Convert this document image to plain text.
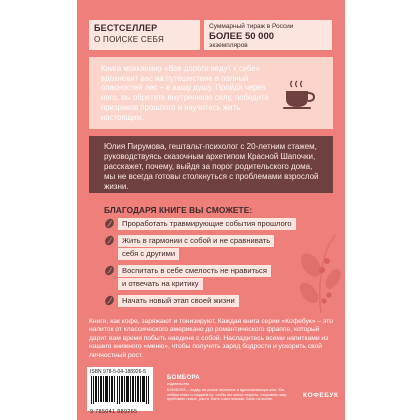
БЕСТСЕЛЛЕР
О ПОИСКЕ СЕБЯ
Суммарный тираж в России
БОЛЕЕ 50 000
экземпляров
Книга мокканино «Все дороги ведут к себе» вдохновит вас на путешествие в полный опасностей лес – в вашу душу. Пройдя через него, вы обретете внутреннюю силу, победите призраков прошлого и научитесь жить настоящим.
Юлия Пирумова, гештальт-психолог с 20-летним стажем, руководствуясь сказочным архетипом Красной Шапочки, расскажет, почему, выйдя за порог родительского дома, мы не всегда готовы столкнуться с проблемами взрослой жизни.
БЛАГОДАРЯ КНИГЕ ВЫ СМОЖЕТЕ:
Проработать травмирующие события прошлого
Жить в гармонии с собой и не сравнивать
себя с другими
Воспитать в себе смелость не нравиться
и отвечать на критику
Начать новый этап своей жизни
Книги, как кофе, заряжают и тонизируют. Каждая книга серии «Кофебук» – это напиток от классического американо до романтического фраппе, который дарит вам время побыть наедине с собой. Насладитесь всеми напитками из нашего книжного «меню», чтобы получить заряд бодрости и ускорить свой личностный рост.
ISBN 978-5-04-188926-5
9 785041 889265
БОМБОРА
издательство
БОМБОРА – лидер на рынке полезных и вдохновляющих книг. Мы любим книги и создаем их, чтобы вы могли творить, открывать мир, пробовать новое, расти. Быть счастливыми. Быть на волне.
КОФЕБУК
